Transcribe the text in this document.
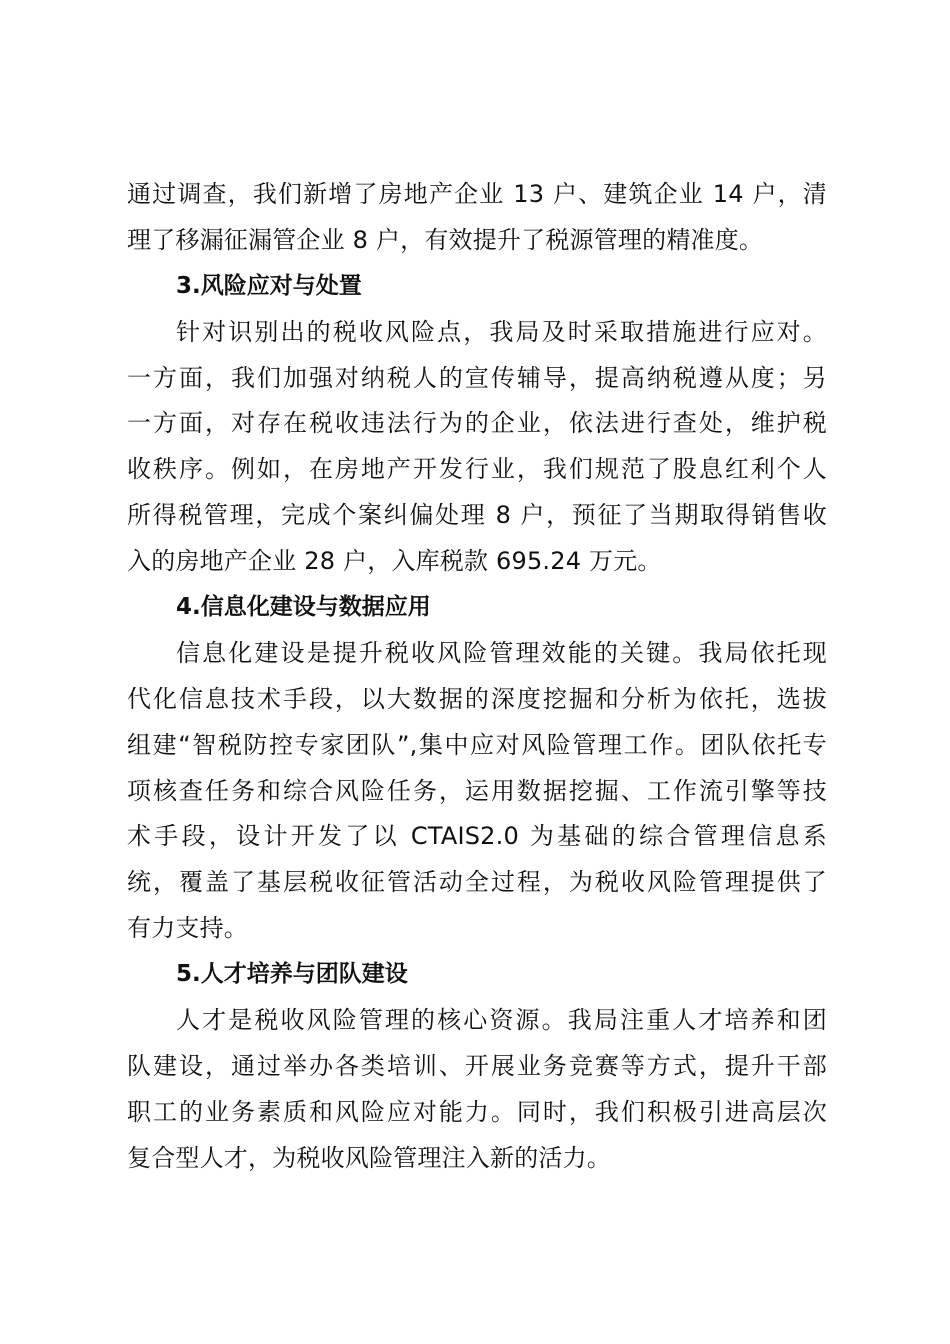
通过调查，我们新增了房地产企业 13 户、建筑企业 14 户，清
理了移漏征漏管企业 8 户，有效提升了税源管理的精准度。
3.风险应对与处置
针对识别出的税收风险点，我局及时采取措施进行应对。
一方面，我们加强对纳税人的宣传辅导，提高纳税遵从度；另
一方面，对存在税收违法行为的企业，依法进行查处，维护税
收秩序。例如，在房地产开发行业，我们规范了股息红利个人
所得税管理，完成个案纠偏处理 8 户，预征了当期取得销售收
入的房地产企业 28 户，入库税款 695.24 万元。
4.信息化建设与数据应用
信息化建设是提升税收风险管理效能的关键。我局依托现
代化信息技术手段，以大数据的深度挖掘和分析为依托，选拔
组建“智税防控专家团队”,集中应对风险管理工作。团队依托专
项核查任务和综合风险任务，运用数据挖掘、工作流引擎等技
术手段，设计开发了以 CTAIS2.0 为基础的综合管理信息系
统，覆盖了基层税收征管活动全过程，为税收风险管理提供了
有力支持。
5.人才培养与团队建设
人才是税收风险管理的核心资源。我局注重人才培养和团
队建设，通过举办各类培训、开展业务竞赛等方式，提升干部
职工的业务素质和风险应对能力。同时，我们积极引进高层次
复合型人才，为税收风险管理注入新的活力。
